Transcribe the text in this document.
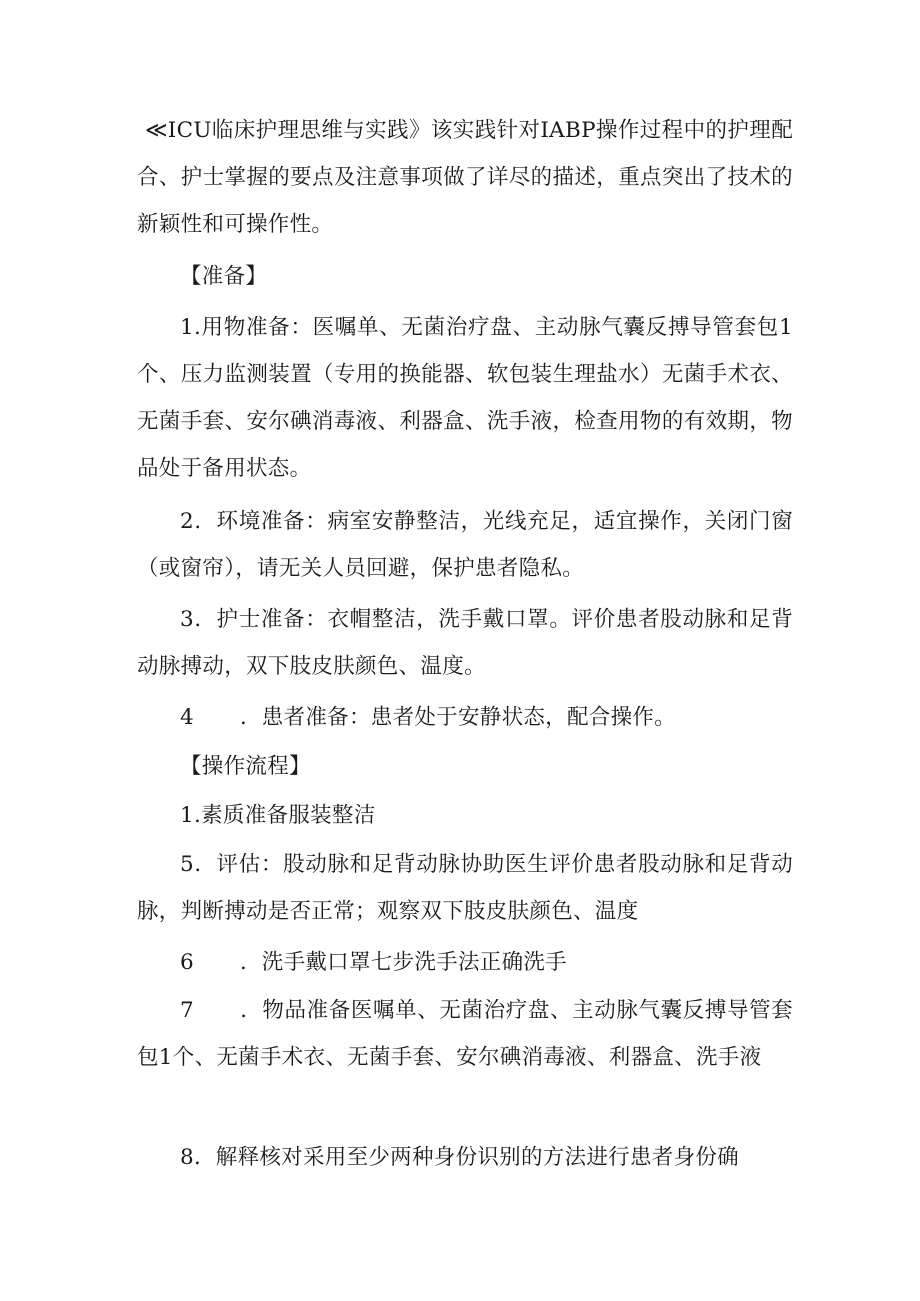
≪ICU临床护理思维与实践》该实践针对IABP操作过程中的护理配合、护士掌握的要点及注意事项做了详尽的描述，重点突出了技术的新颖性和可操作性。

【准备】

1.用物准备：医嘱单、无菌治疗盘、主动脉气囊反搏导管套包1个、压力监测装置（专用的换能器、软包装生理盐水）无菌手术衣、无菌手套、安尔碘消毒液、利器盒、洗手液，检查用物的有效期，物品处于备用状态。

2．环境准备：病室安静整洁，光线充足，适宜操作，关闭门窗（或窗帘），请无关人员回避，保护患者隐私。

3．护士准备：衣帽整洁，洗手戴口罩。评价患者股动脉和足背动脉搏动，双下肢皮肤颜色、温度。

4 ．患者准备：患者处于安静状态，配合操作。

【操作流程】

1.素质准备服装整洁

5．评估：股动脉和足背动脉协助医生评价患者股动脉和足背动脉，判断搏动是否正常；观察双下肢皮肤颜色、温度

6 ．洗手戴口罩七步洗手法正确洗手

7 ．物品准备医嘱单、无菌治疗盘、主动脉气囊反搏导管套包1个、无菌手术衣、无菌手套、安尔碘消毒液、利器盒、洗手液

8．解释核对采用至少两种身份识别的方法进行患者身份确
